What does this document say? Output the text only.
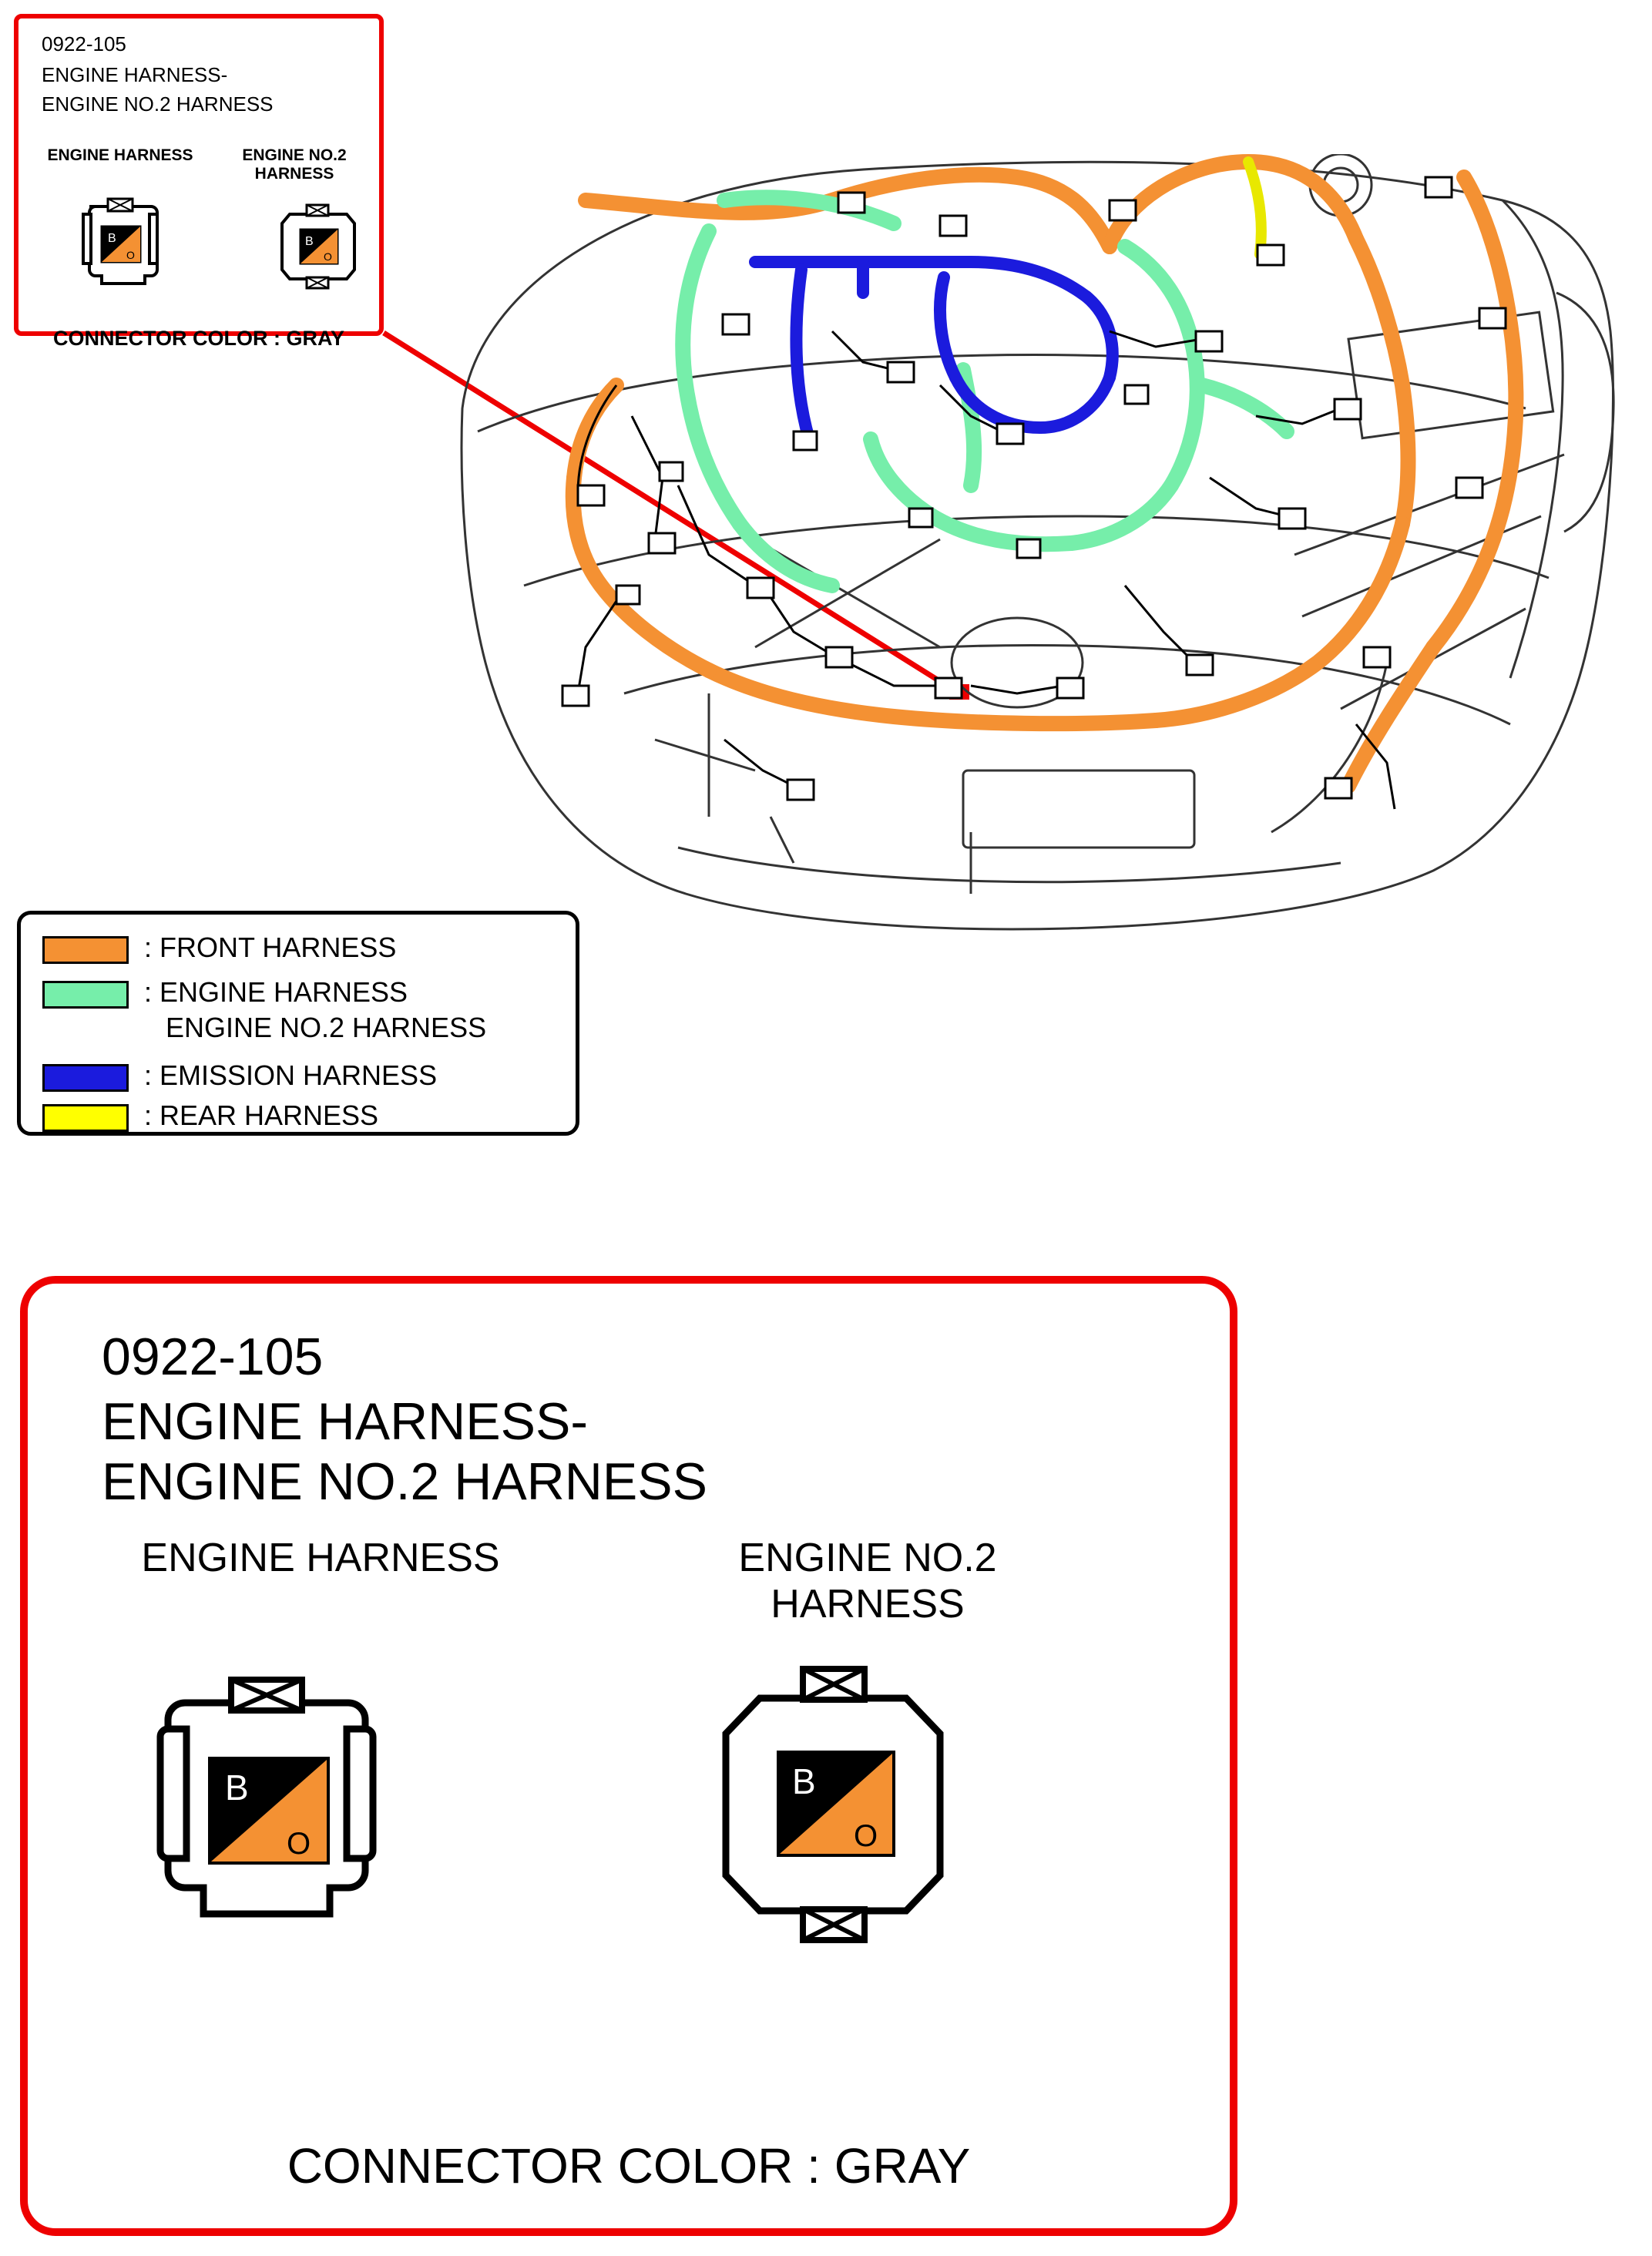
0922-105
ENGINE HARNESS-
ENGINE NO.2 HARNESS
ENGINE HARNESS	ENGINE NO.2
HARNESS
B
O
B
O
CONNECTOR COLOR : GRAY
: FRONT HARNESS
: ENGINE HARNESS
ENGINE NO.2 HARNESS
: EMISSION HARNESS
: REAR HARNESS
0922-105
ENGINE HARNESS-
ENGINE NO.2 HARNESS
ENGINE HARNESS	ENGINE NO.2
HARNESS
B
O
B
O
CONNECTOR COLOR : GRAY
